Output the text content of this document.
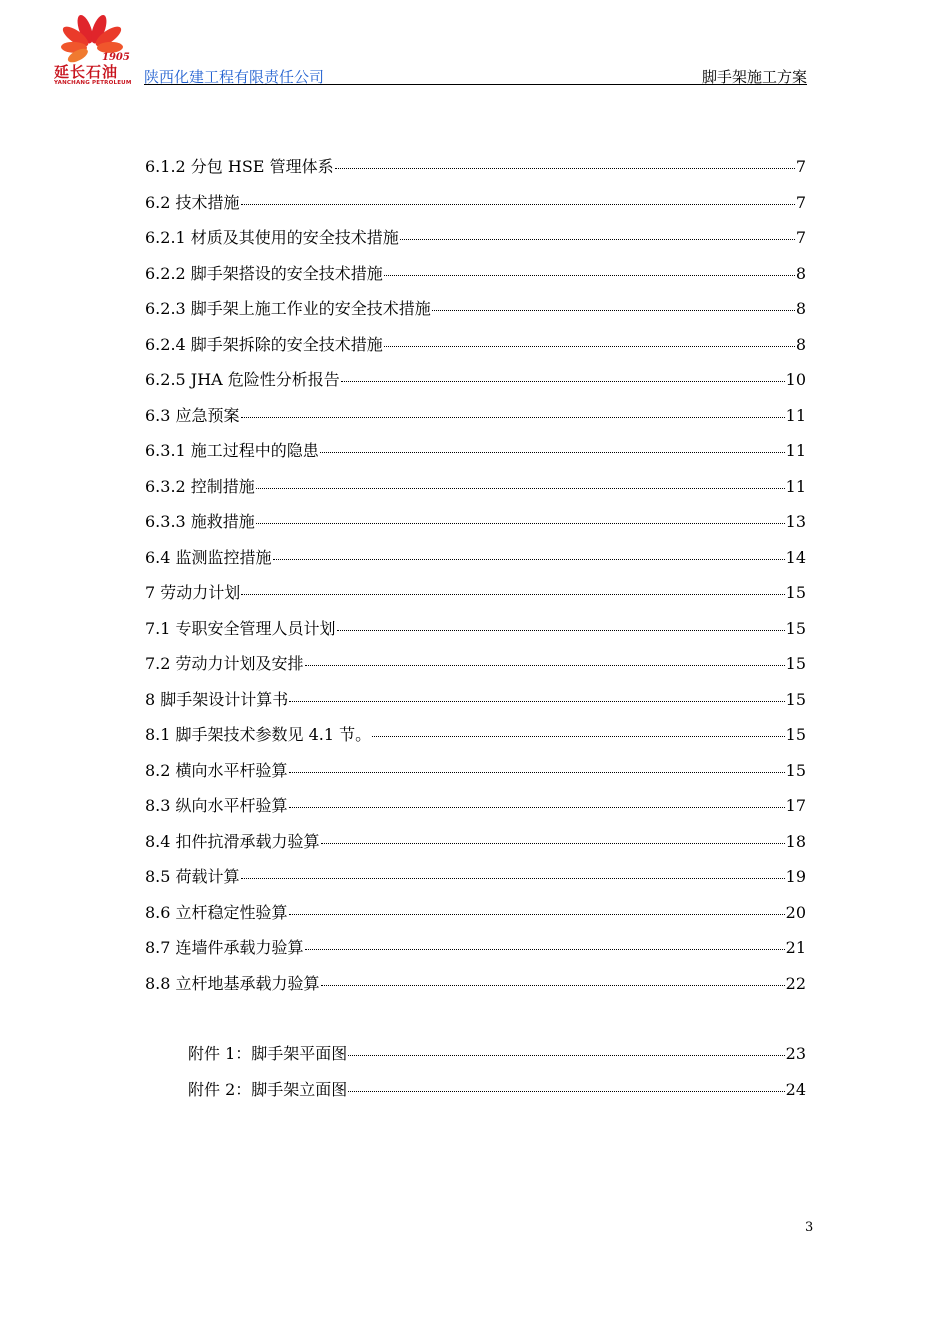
1905
延长石油
YANCHANG PETROLEUM 陕西化建工程有限责任公司	脚手架施工方案
6.1.2 分包 HSE 管理体系	7
6.2 技术措施	7
6.2.1 材质及其使用的安全技术措施	7
6.2.2 脚手架搭设的安全技术措施	8
6.2.3 脚手架上施工作业的安全技术措施	8
6.2.4 脚手架拆除的安全技术措施	8
6.2.5 JHA 危险性分析报告	10
6.3 应急预案	11
6.3.1 施工过程中的隐患	11
6.3.2 控制措施	11
6.3.3 施救措施	13
6.4 监测监控措施	14
7 劳动力计划	15
7.1 专职安全管理人员计划	15
7.2 劳动力计划及安排	15
8 脚手架设计计算书	15
8.1 脚手架技术参数见 4.1 节。	15
8.2 横向水平杆验算	15
8.3 纵向水平杆验算	17
8.4 扣件抗滑承载力验算	18
8.5 荷载计算	19
8.6 立杆稳定性验算	20
8.7 连墙件承载力验算	21
8.8 立杆地基承载力验算	22
附件 1：脚手架平面图	23
附件 2：脚手架立面图	24
3
